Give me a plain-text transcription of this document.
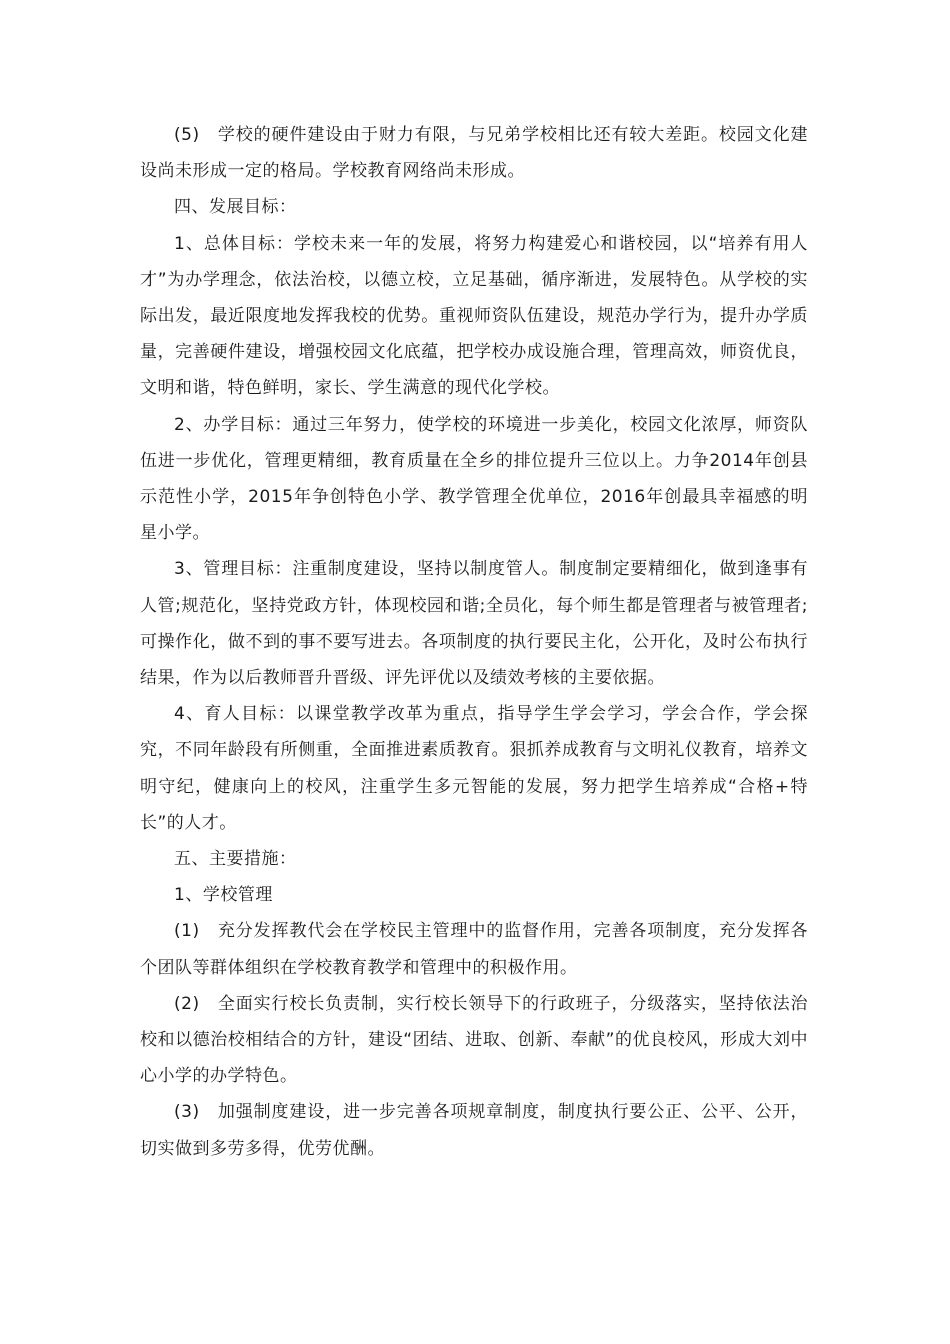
(5)　学校的硬件建设由于财力有限，与兄弟学校相比还有较大差距。校园文化建设尚未形成一定的格局。学校教育网络尚未形成。

四、发展目标：

1、总体目标：学校未来一年的发展，将努力构建爱心和谐校园，以“培养有用人才”为办学理念，依法治校，以德立校，立足基础，循序渐进，发展特色。从学校的实际出发，最近限度地发挥我校的优势。重视师资队伍建设，规范办学行为，提升办学质量，完善硬件建设，增强校园文化底蕴，把学校办成设施合理，管理高效，师资优良，文明和谐，特色鲜明，家长、学生满意的现代化学校。

2、办学目标：通过三年努力，使学校的环境进一步美化，校园文化浓厚，师资队伍进一步优化，管理更精细，教育质量在全乡的排位提升三位以上。力争2014年创县示范性小学，2015年争创特色小学、教学管理全优单位，2016年创最具幸福感的明星小学。

3、管理目标：注重制度建设，坚持以制度管人。制度制定要精细化，做到逢事有人管;规范化，坚持党政方针，体现校园和谐;全员化，每个师生都是管理者与被管理者;可操作化，做不到的事不要写进去。各项制度的执行要民主化，公开化，及时公布执行结果，作为以后教师晋升晋级、评先评优以及绩效考核的主要依据。

4、育人目标：以课堂教学改革为重点，指导学生学会学习，学会合作，学会探究，不同年龄段有所侧重，全面推进素质教育。狠抓养成教育与文明礼仪教育，培养文明守纪，健康向上的校风，注重学生多元智能的发展，努力把学生培养成“合格+特长”的人才。

五、主要措施：

1、学校管理

(1)　充分发挥教代会在学校民主管理中的监督作用，完善各项制度，充分发挥各个团队等群体组织在学校教育教学和管理中的积极作用。

(2)　全面实行校长负责制，实行校长领导下的行政班子，分级落实，坚持依法治校和以德治校相结合的方针，建设“团结、进取、创新、奉献”的优良校风，形成大刘中心小学的办学特色。

(3)　加强制度建设，进一步完善各项规章制度，制度执行要公正、公平、公开，切实做到多劳多得，优劳优酬。
